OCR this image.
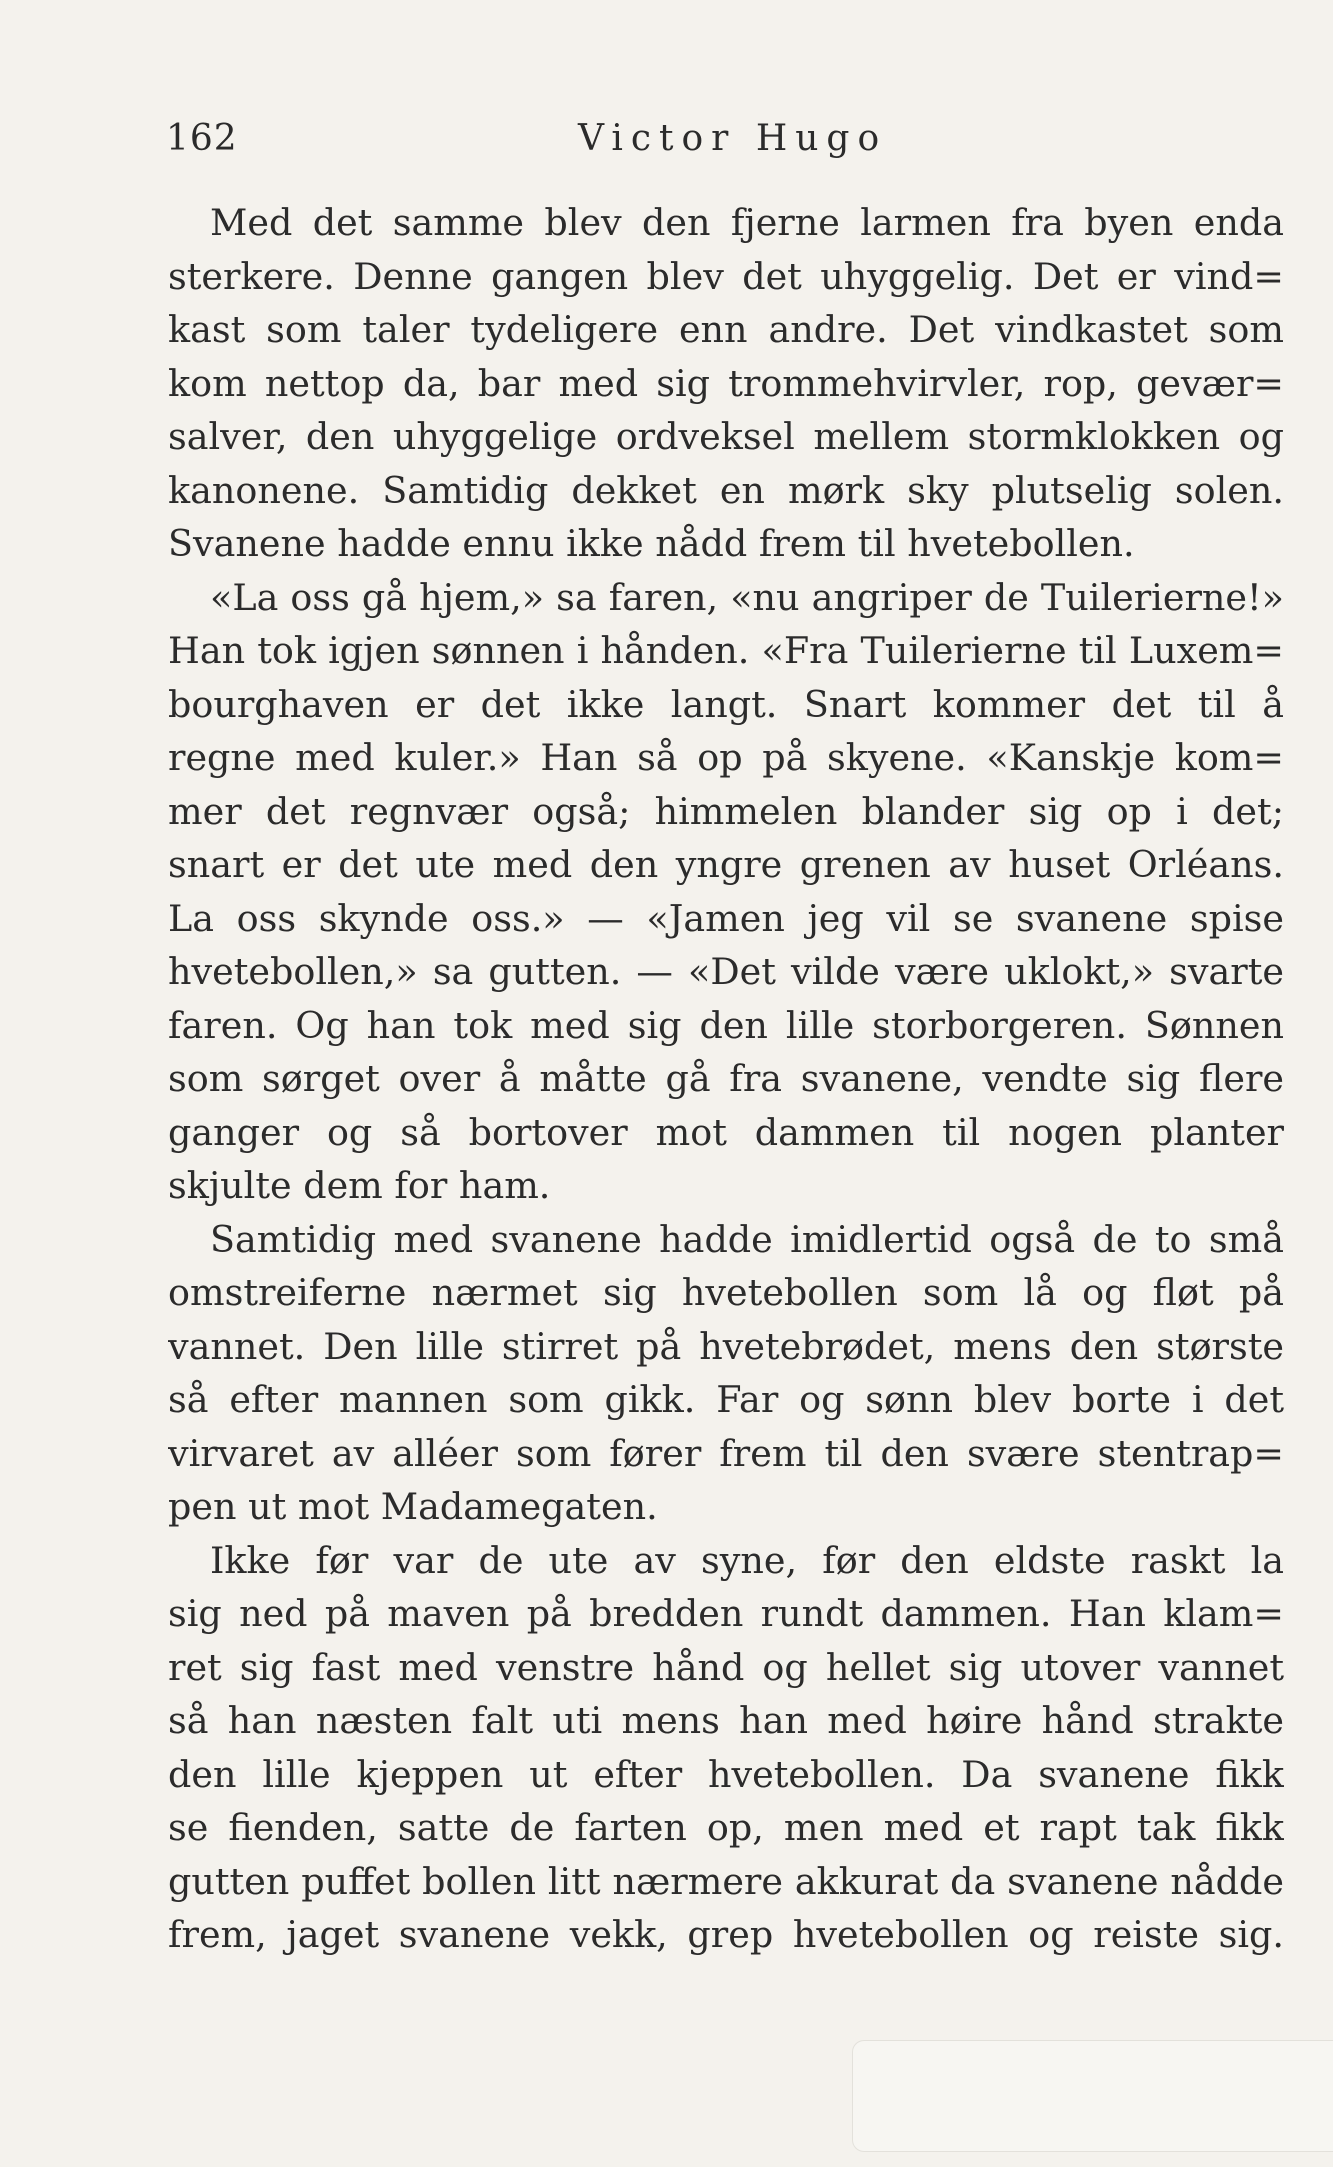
162	Victor Hugo
Med det samme blev den fjerne larmen fra byen enda
sterkere. Denne gangen blev det uhyggelig. Det er vind=
kast som taler tydeligere enn andre. Det vindkastet som
kom nettop da, bar med sig trommehvirvler, rop, gevær=
salver, den uhyggelige ordveksel mellem stormklokken og
kanonene. Samtidig dekket en mørk sky plutselig solen.
Svanene hadde ennu ikke nådd frem til hvetebollen.
«La oss gå hjem,» sa faren, «nu angriper de Tuilerierne!»
Han tok igjen sønnen i hånden. «Fra Tuilerierne til Luxem=
bourghaven er det ikke langt. Snart kommer det til å
regne med kuler.» Han så op på skyene. «Kanskje kom=
mer det regnvær også; himmelen blander sig op i det;
snart er det ute med den yngre grenen av huset Orléans.
La oss skynde oss.» — «Jamen jeg vil se svanene spise
hvetebollen,» sa gutten. — «Det vilde være uklokt,» svarte
faren. Og han tok med sig den lille storborgeren. Sønnen
som sørget over å måtte gå fra svanene, vendte sig flere
ganger og så bortover mot dammen til nogen planter
skjulte dem for ham.
Samtidig med svanene hadde imidlertid også de to små
omstreiferne nærmet sig hvetebollen som lå og fløt på
vannet. Den lille stirret på hvetebrødet, mens den største
så efter mannen som gikk. Far og sønn blev borte i det
virvaret av alléer som fører frem til den svære stentrap=
pen ut mot Madamegaten.
Ikke før var de ute av syne, før den eldste raskt la
sig ned på maven på bredden rundt dammen. Han klam=
ret sig fast med venstre hånd og hellet sig utover vannet
så han næsten falt uti mens han med høire hånd strakte
den lille kjeppen ut efter hvetebollen. Da svanene fikk
se fienden, satte de farten op, men med et rapt tak fikk
gutten puffet bollen litt nærmere akkurat da svanene nådde
frem, jaget svanene vekk, grep hvetebollen og reiste sig.
